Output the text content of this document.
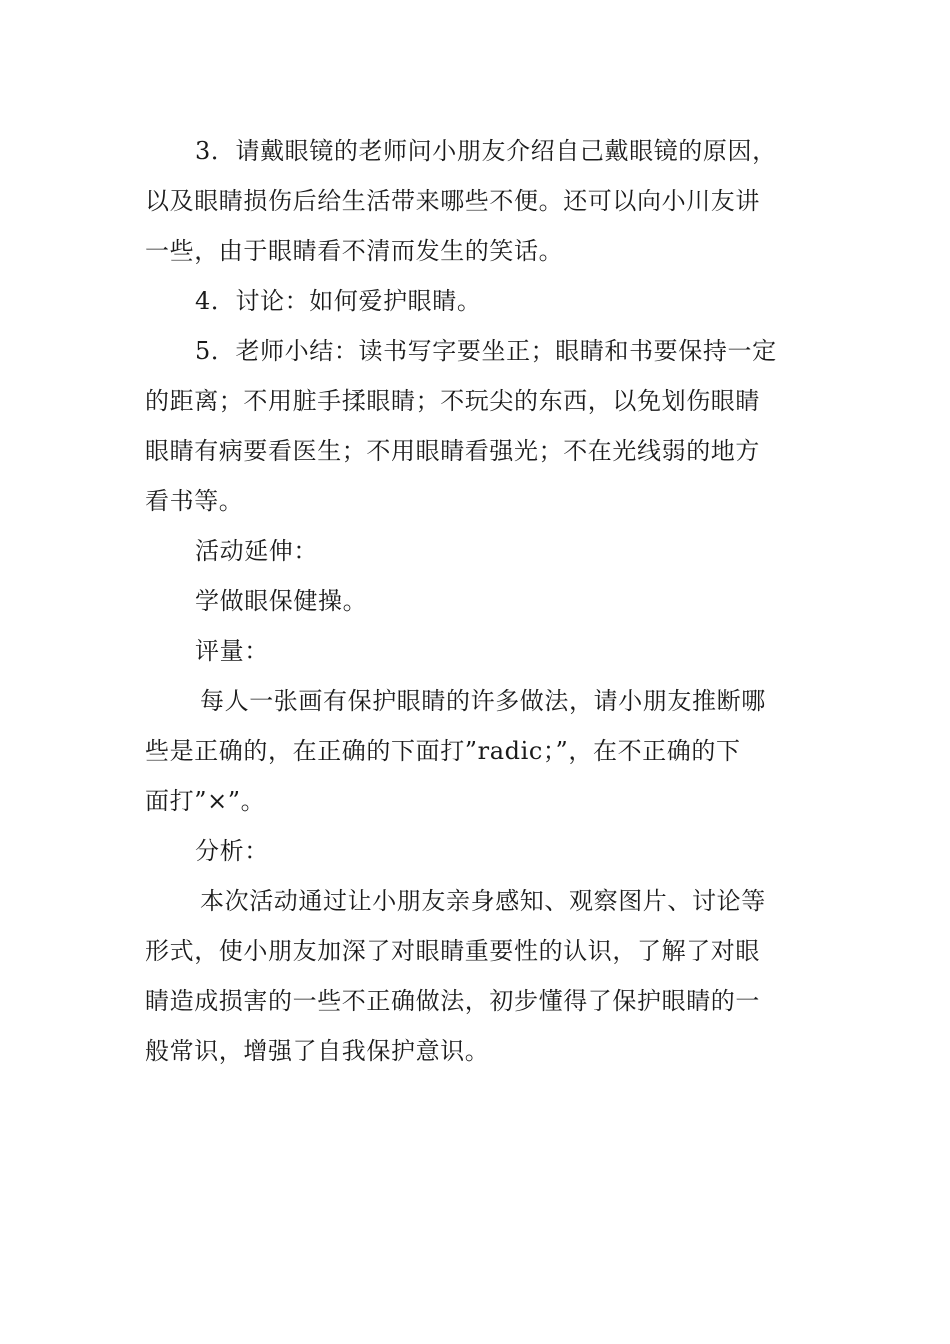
3．请戴眼镜的老师问小朋友介绍自己戴眼镜的原因，
以及眼睛损伤后给生活带来哪些不便。还可以向小川友讲
一些，由于眼睛看不清而发生的笑话。
4．讨论：如何爱护眼睛。
5．老师小结：读书写字要坐正；眼睛和书要保持一定
的距离；不用脏手揉眼睛；不玩尖的东西，以免划伤眼睛
眼睛有病要看医生；不用眼睛看强光；不在光线弱的地方
看书等。
活动延伸：
学做眼保健操。
评量：
每人一张画有保护眼睛的许多做法，请小朋友推断哪
些是正确的，在正确的下面打”radic；”，在不正确的下
面打”×”。
分析：
本次活动通过让小朋友亲身感知、观察图片、讨论等
形式，使小朋友加深了对眼睛重要性的认识，了解了对眼
睛造成损害的一些不正确做法，初步懂得了保护眼睛的一
般常识，增强了自我保护意识。
